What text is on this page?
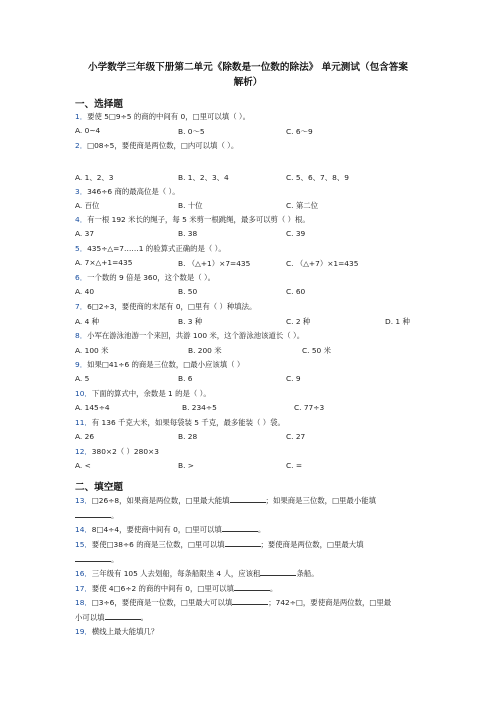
小学数学三年级下册第二单元《除数是一位数的除法》 单元测试（包含答案
解析）
一、选择题
1．要使 5□9÷5 的商的中间有 0，□里可以填（ ）。
A. 0~4	B. 0～5	C. 6～9
2．□08÷5，要使商是两位数，□内可以填（ ）。
A. 1、2、3	B. 1、2、3、4	C. 5、6、7、8、9
3．346÷6 商的最高位是（ ）。
A. 百位	B. 十位	C. 第二位
4．有一根 192 米长的绳子，每 5 米剪一根跳绳，最多可以剪（ ）根。
A. 37	B. 38	C. 39
5．435÷△=7……1 的验算式正确的是（ ）。
A. 7×△+1=435	B. （△+1）×7=435	C. （△+7）×1=435
6．一个数的 9 倍是 360，这个数是（ ）。
A. 40	B. 50	C. 60
7．6□2÷3，要使商的末尾有 0，□里有（ ）种填法。
A. 4 种	B. 3 种	C. 2 种	D. 1 种
8．小军在游泳池游一个来回，共游 100 米，这个游泳池该道长（ ）。
A. 100 米	B. 200 米	C. 50 米
9．如果□41÷6 的商是三位数，□最小应该填（ ）
A. 5	B. 6	C. 9
10．下面的算式中，余数是 1 的是（ ）。
A. 145÷4	B. 234÷5	C. 77÷3
11．有 136 千克大米，如果每袋装 5 千克，最多能装（ ）袋。
A. 26	B. 28	C. 27
12．380×2（ ）280×3
A. <	B. >	C. =
二、填空题
13．□26÷8，如果商是两位数，□里最大能填	；如果商是三位数，□里最小能填
。
14．8□4÷4，要使商中间有 0，□里可以填	。
15．要使□38÷6 的商是三位数，□里可以填	；要使商是两位数，□里最大填
。
16．三年级有 105 人去划船，每条船限坐 4 人，应该租	条船。
17．要使 4□6÷2 的商的中间有 0，□里可以填	。
18．□3÷6，要使商是一位数，□里最大可以填	；742÷□，要使商是两位数，□里最
小可以填	。
19．横线上最大能填几？
